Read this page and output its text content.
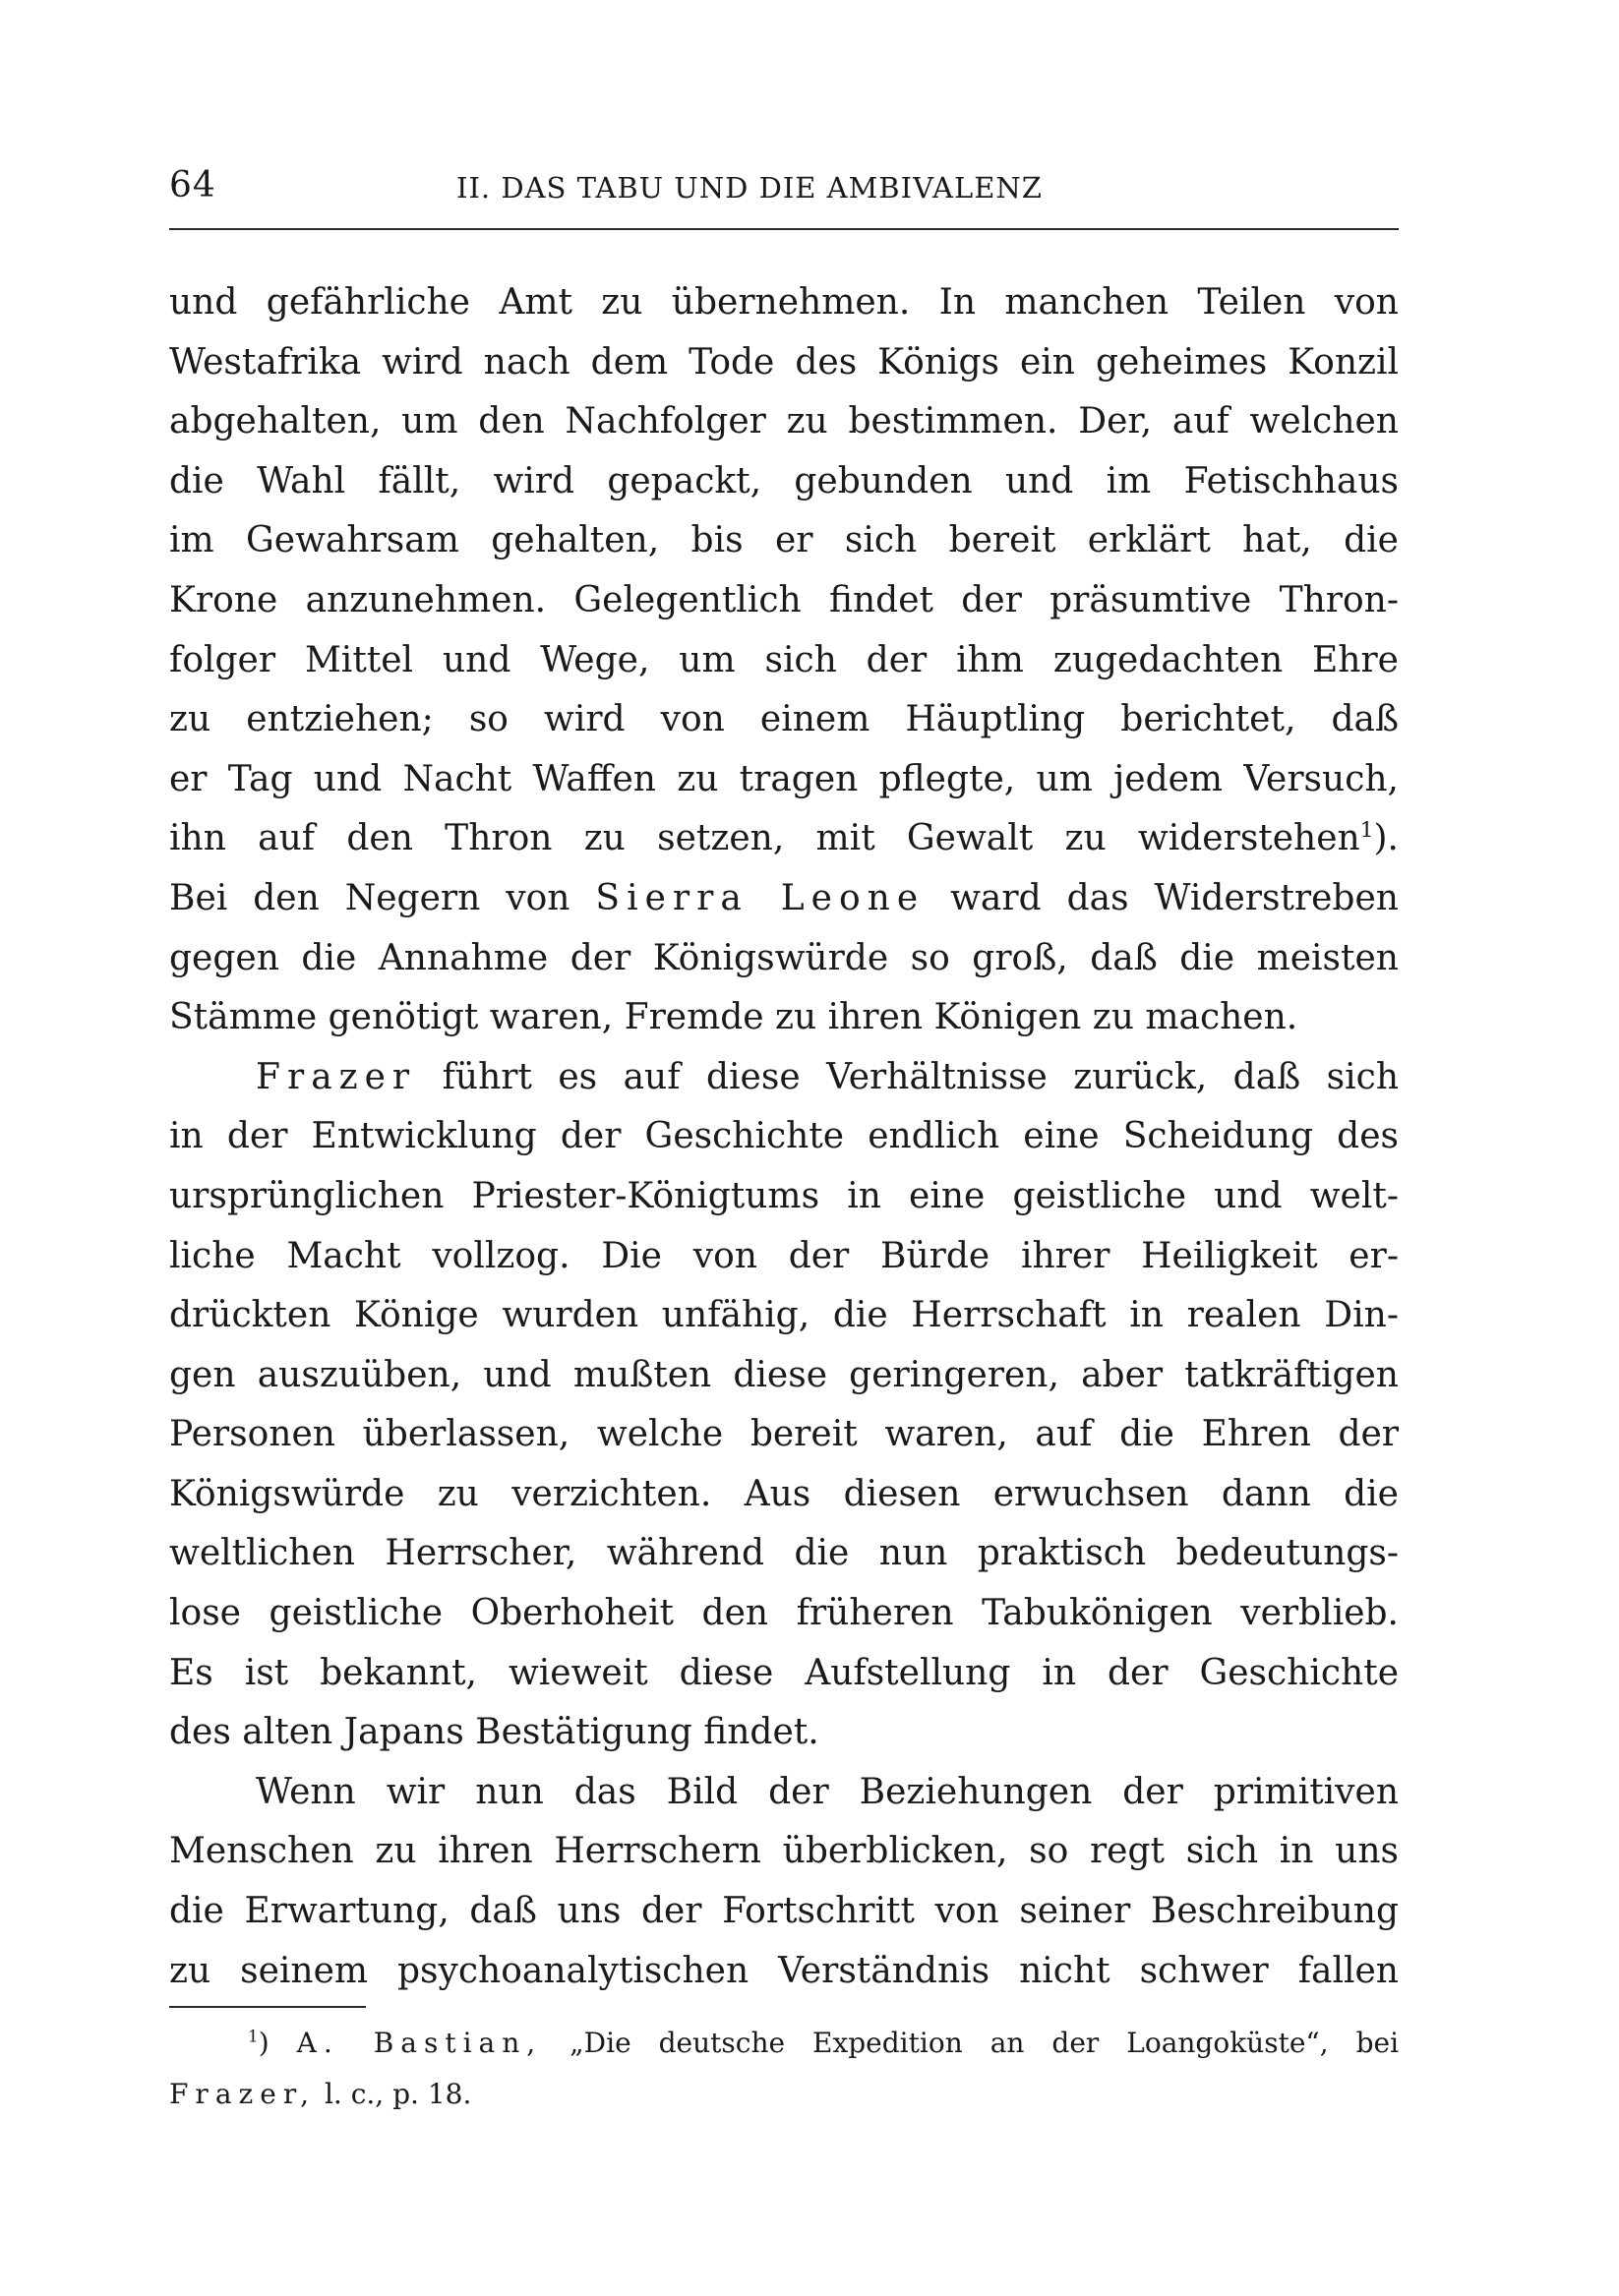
64	II. DAS TABU UND DIE AMBIVALENZ
und gefährliche Amt zu übernehmen. In manchen Teilen von
Westafrika wird nach dem Tode des Königs ein geheimes Konzil
abgehalten, um den Nachfolger zu bestimmen. Der, auf welchen
die Wahl fällt, wird gepackt, gebunden und im Fetischhaus
im Gewahrsam gehalten, bis er sich bereit erklärt hat, die
Krone anzunehmen. Gelegentlich findet der präsumtive Thron-
folger Mittel und Wege, um sich der ihm zugedachten Ehre
zu entziehen; so wird von einem Häuptling berichtet, daß
er Tag und Nacht Waffen zu tragen pflegte, um jedem Versuch,
ihn auf den Thron zu setzen, mit Gewalt zu widerstehen$^1$).
Bei den Negern von Sierra Leone ward das Widerstreben
gegen die Annahme der Königswürde so groß, daß die meisten
Stämme genötigt waren, Fremde zu ihren Königen zu machen.
Frazer führt es auf diese Verhältnisse zurück, daß sich
in der Entwicklung der Geschichte endlich eine Scheidung des
ursprünglichen Priester-Königtums in eine geistliche und welt-
liche Macht vollzog. Die von der Bürde ihrer Heiligkeit er-
drückten Könige wurden unfähig, die Herrschaft in realen Din-
gen auszuüben, und mußten diese geringeren, aber tatkräftigen
Personen überlassen, welche bereit waren, auf die Ehren der
Königswürde zu verzichten. Aus diesen erwuchsen dann die
weltlichen Herrscher, während die nun praktisch bedeutungs-
lose geistliche Oberhoheit den früheren Tabukönigen verblieb.
Es ist bekannt, wieweit diese Aufstellung in der Geschichte
des alten Japans Bestätigung findet.
Wenn wir nun das Bild der Beziehungen der primitiven
Menschen zu ihren Herrschern überblicken, so regt sich in uns
die Erwartung, daß uns der Fortschritt von seiner Beschreibung
zu seinem psychoanalytischen Verständnis nicht schwer fallen
$^1$) A. Bastian, „Die deutsche Expedition an der Loangoküste“, bei
Frazer, l. c., p. 18.
